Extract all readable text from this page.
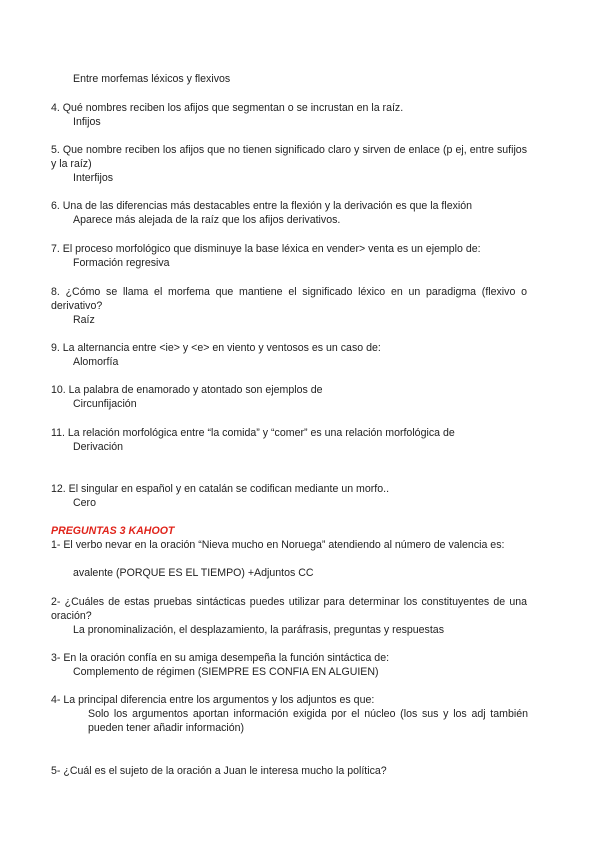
Entre morfemas léxicos y flexivos
4. Qué nombres reciben los afijos que segmentan o se incrustan en la raíz.
Infijos
5. Que nombre reciben los afijos que no tienen significado claro y sirven de enlace (p ej, entre sufijos y la raíz)
Interfijos
6. Una de las diferencias más destacables entre la flexión y la derivación es que la flexión
Aparece más alejada de la raíz que los afijos derivativos.
7. El proceso morfológico que disminuye la base léxica en vender> venta es un ejemplo de:
Formación regresiva
8. ¿Cómo se llama el morfema que mantiene el significado léxico en un paradigma (flexivo o derivativo?
Raíz
9. La alternancia entre <ie> y <e> en viento y ventosos es un caso de:
Alomorfía
10. La palabra de enamorado y atontado son ejemplos de
Circunfijación
11. La relación morfológica entre “la comida” y “comer” es una relación morfológica de
Derivación
12. El singular en español y en catalán se codifican mediante un morfo..
Cero
PREGUNTAS 3 KAHOOT
1- El verbo nevar en la oración “Nieva mucho en Noruega” atendiendo al número de valencia es:
avalente (PORQUE ES EL TIEMPO) +Adjuntos CC
2- ¿Cuáles de estas pruebas sintácticas puedes utilizar para determinar los constituyentes de una oración?
La pronominalización, el desplazamiento, la paráfrasis, preguntas y respuestas
3- En la oración confía en su amiga desempeña la función sintáctica de:
Complemento de régimen (SIEMPRE ES CONFIA EN ALGUIEN)
4- La principal diferencia entre los argumentos y los adjuntos es que:
Solo los argumentos aportan información exigida por el núcleo (los sus y los adj también pueden tener añadir información)
5- ¿Cuál es el sujeto de la oración a Juan le interesa mucho la política?
